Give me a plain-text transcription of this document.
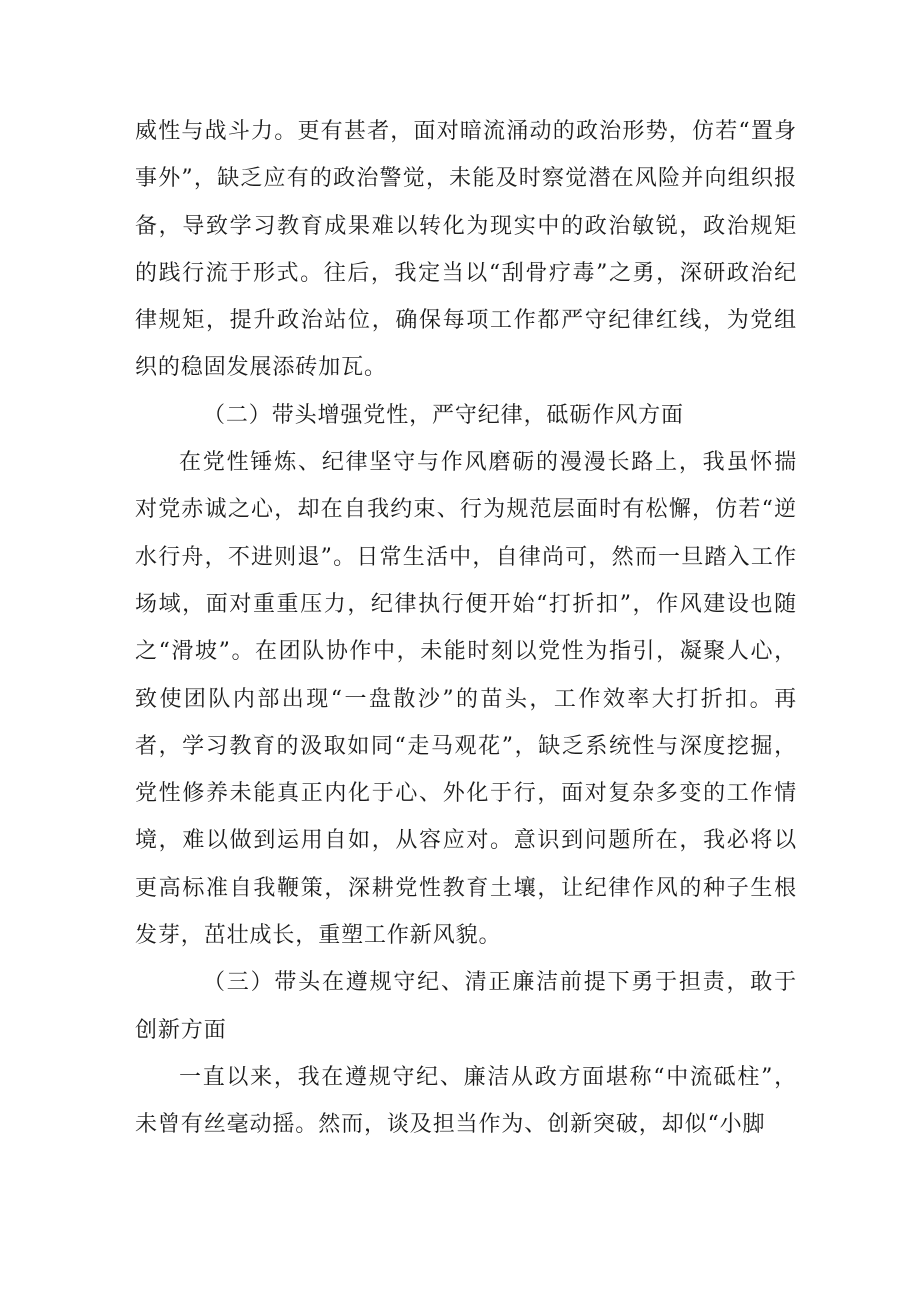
威性与战斗力。更有甚者，面对暗流涌动的政治形势，仿若“置身事外”，缺乏应有的政治警觉，未能及时察觉潜在风险并向组织报备，导致学习教育成果难以转化为现实中的政治敏锐，政治规矩的践行流于形式。往后，我定当以“刮骨疗毒”之勇，深研政治纪律规矩，提升政治站位，确保每项工作都严守纪律红线，为党组织的稳固发展添砖加瓦。

（二）带头增强党性，严守纪律，砥砺作风方面

在党性锤炼、纪律坚守与作风磨砺的漫漫长路上，我虽怀揣对党赤诚之心，却在自我约束、行为规范层面时有松懈，仿若“逆水行舟，不进则退”。日常生活中，自律尚可，然而一旦踏入工作场域，面对重重压力，纪律执行便开始“打折扣”，作风建设也随之“滑坡”。在团队协作中，未能时刻以党性为指引，凝聚人心，致使团队内部出现“一盘散沙”的苗头，工作效率大打折扣。再者，学习教育的汲取如同“走马观花”，缺乏系统性与深度挖掘，党性修养未能真正内化于心、外化于行，面对复杂多变的工作情境，难以做到运用自如，从容应对。意识到问题所在，我必将以更高标准自我鞭策，深耕党性教育土壤，让纪律作风的种子生根发芽，茁壮成长，重塑工作新风貌。

（三）带头在遵规守纪、清正廉洁前提下勇于担责，敢于创新方面

一直以来，我在遵规守纪、廉洁从政方面堪称“中流砥柱”，未曾有丝毫动摇。然而，谈及担当作为、创新突破，却似“小脚
